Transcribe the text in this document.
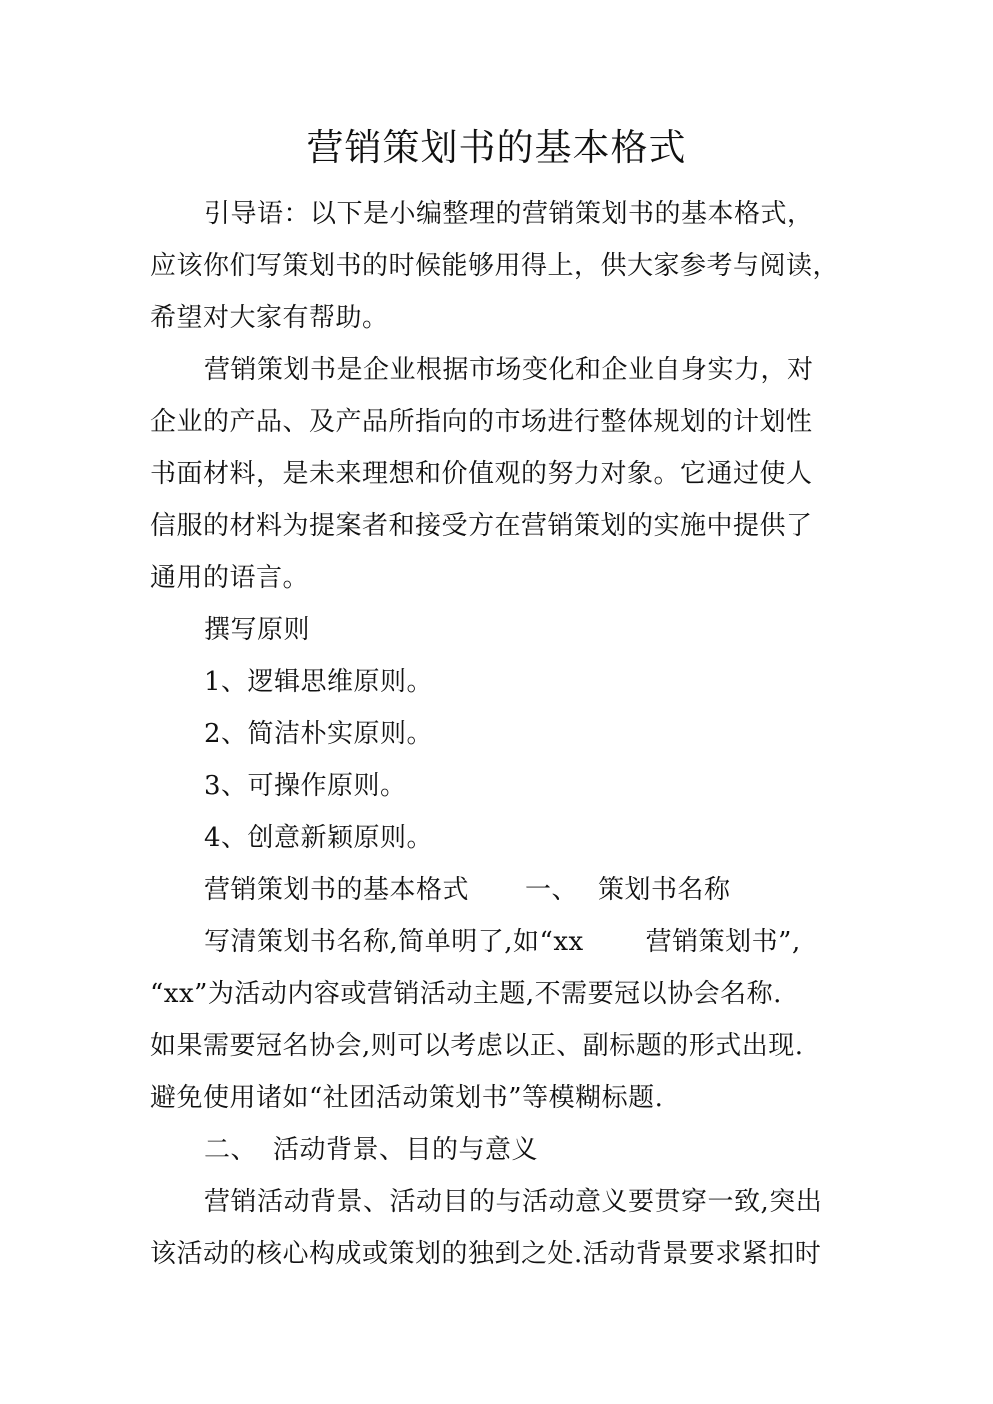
营销策划书的基本格式
引导语：以下是小编整理的营销策划书的基本格式，
应该你们写策划书的时候能够用得上，供大家参考与阅读，
希望对大家有帮助。
营销策划书是企业根据市场变化和企业自身实力，对
企业的产品、及产品所指向的市场进行整体规划的计划性
书面材料，是未来理想和价值观的努力对象。它通过使人
信服的材料为提案者和接受方在营销策划的实施中提供了
通用的语言。
撰写原则
1、逻辑思维原则。
2、简洁朴实原则。
3、可操作原则。
4、创意新颖原则。
营销策划书的基本格式 一、 策划书名称
写清策划书名称,简单明了,如“xx 营销策划书”,
“xx”为活动内容或营销活动主题,不需要冠以协会名称.
如果需要冠名协会,则可以考虑以正、副标题的形式出现.
避免使用诸如“社团活动策划书”等模糊标题.
二、 活动背景、目的与意义
营销活动背景、活动目的与活动意义要贯穿一致,突出
该活动的核心构成或策划的独到之处.活动背景要求紧扣时
